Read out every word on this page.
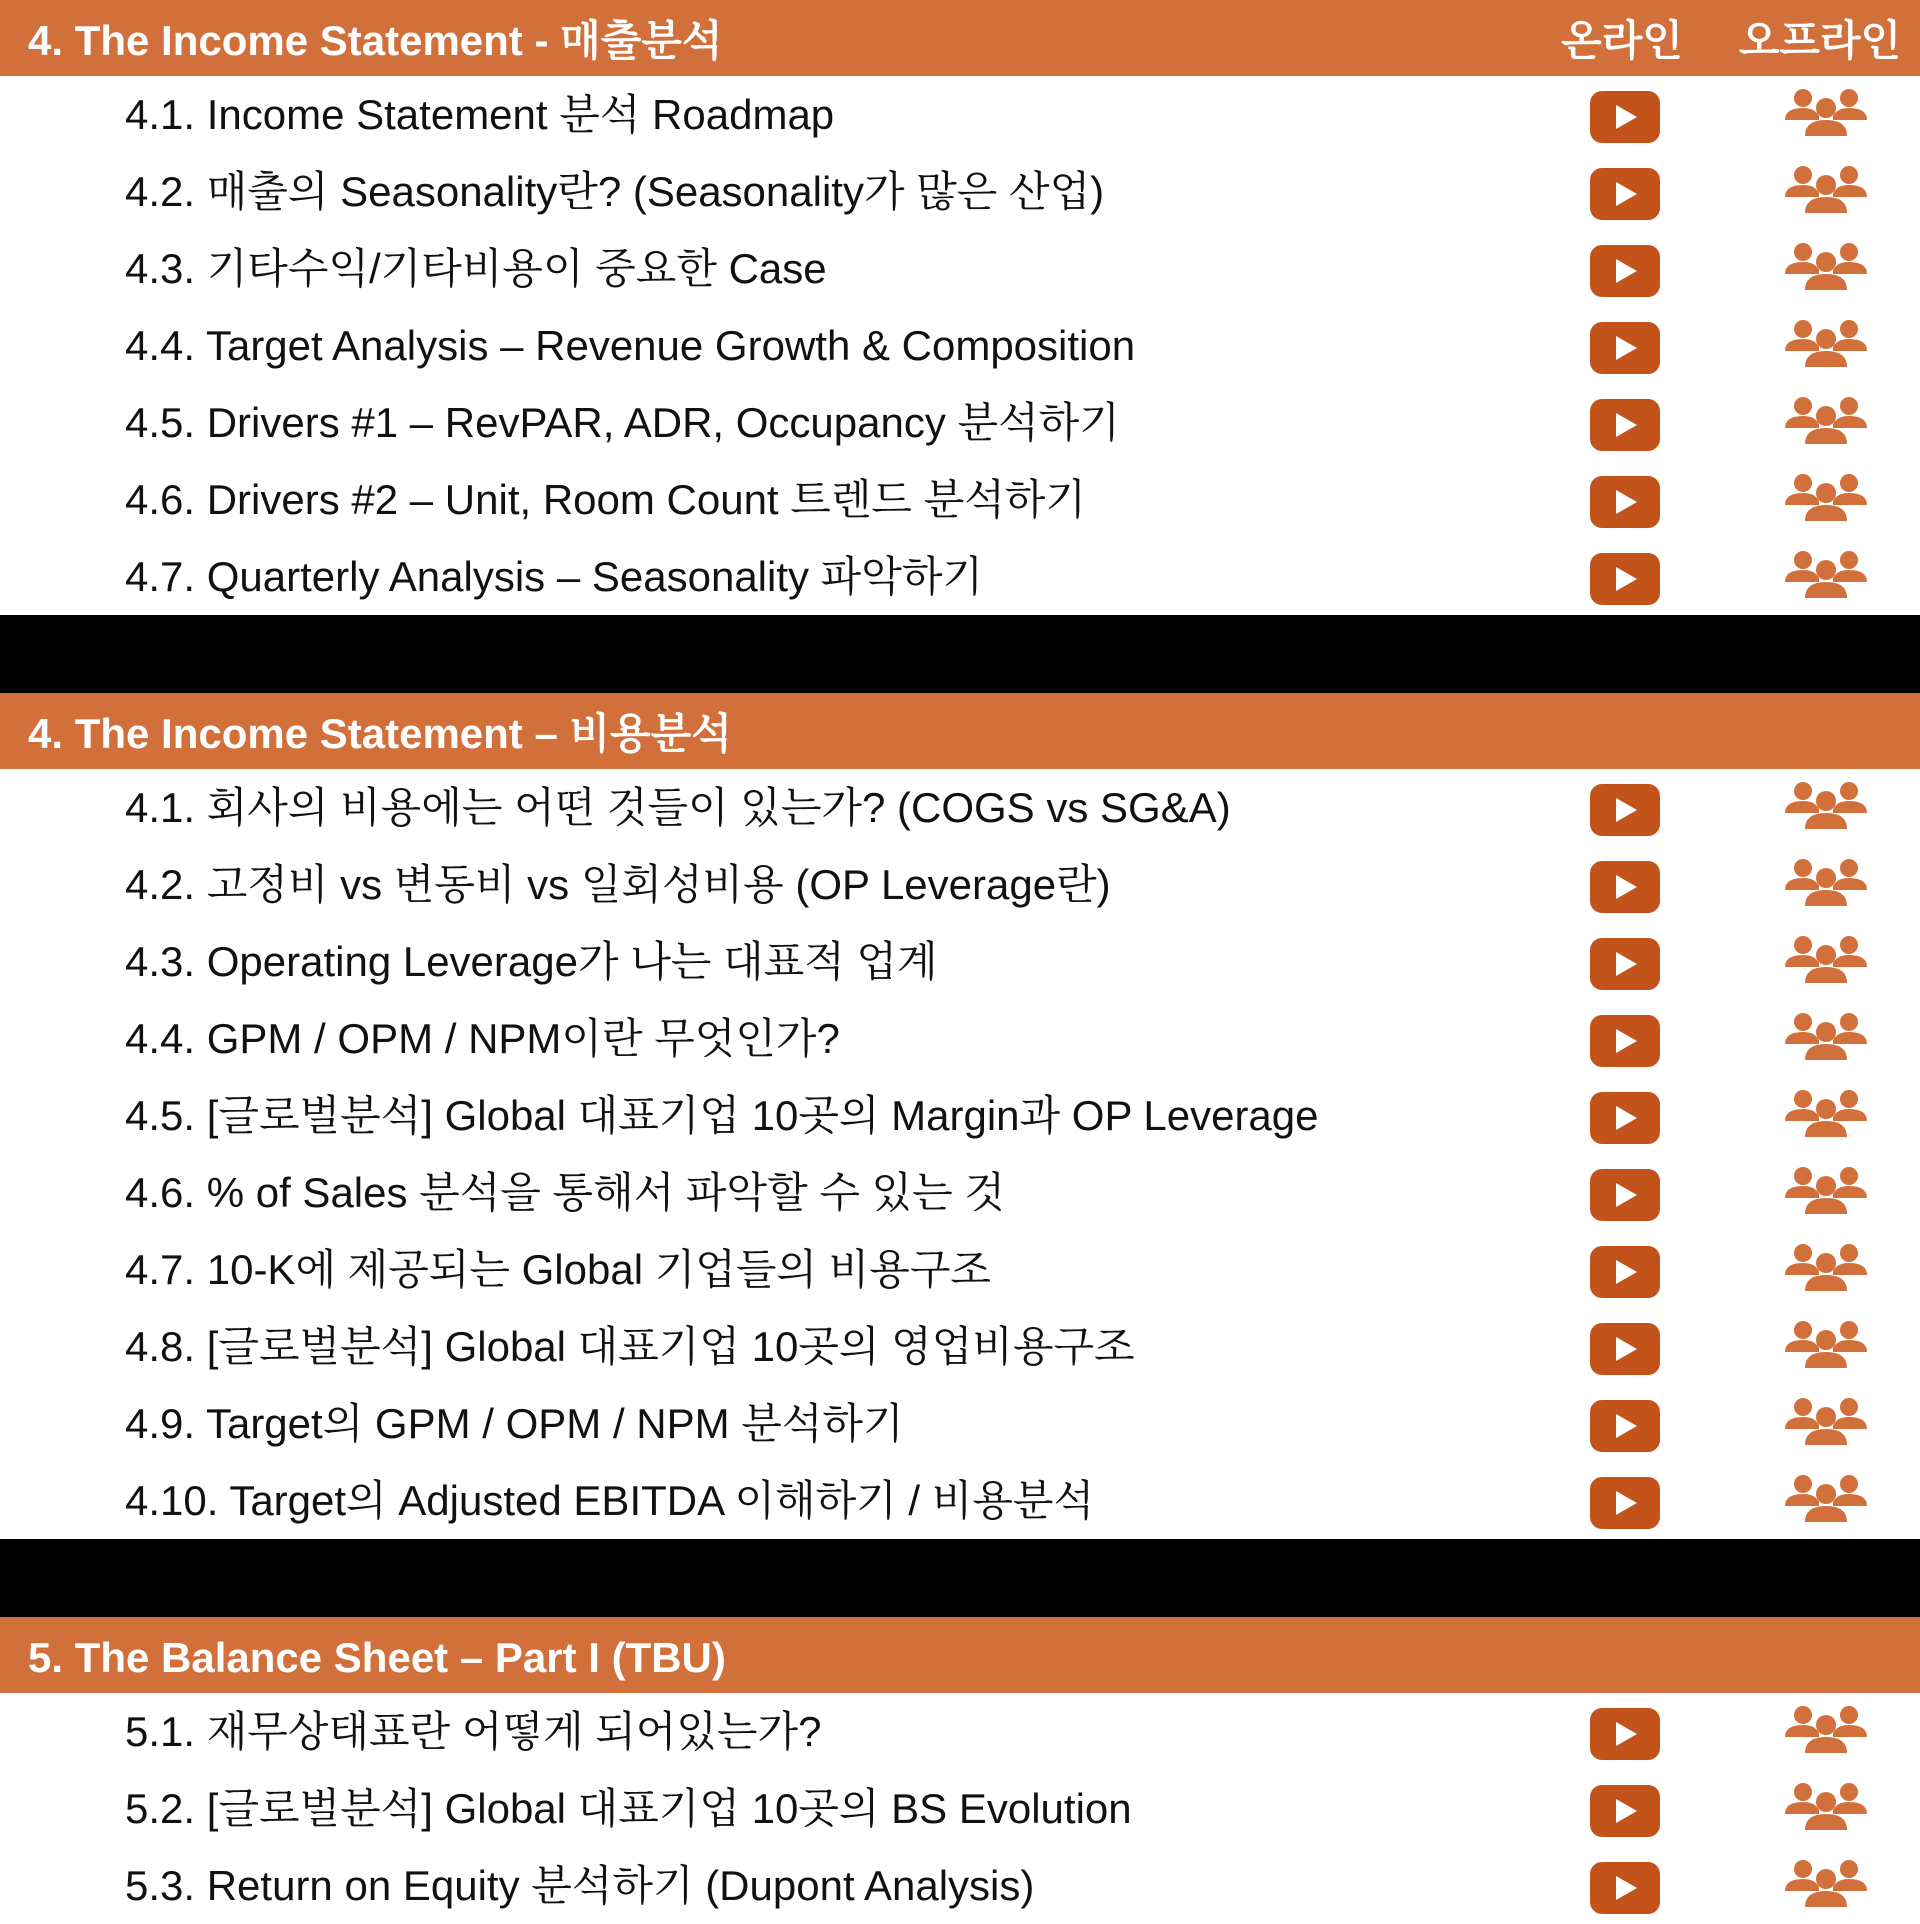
4. The Income Statement - 매출분석	온라인	오프라인
4.1. Income Statement 분석 Roadmap
4.2. 매출의 Seasonality란? (Seasonality가 많은 산업)
4.3. 기타수익/기타비용이 중요한 Case
4.4. Target Analysis – Revenue Growth & Composition
4.5. Drivers #1 – RevPAR, ADR, Occupancy 분석하기
4.6. Drivers #2 – Unit, Room Count 트렌드 분석하기
4.7. Quarterly Analysis – Seasonality 파악하기
4. The Income Statement – 비용분석
4.1. 회사의 비용에는 어떤 것들이 있는가? (COGS vs SG&A)
4.2. 고정비 vs 변동비 vs 일회성비용 (OP Leverage란)
4.3. Operating Leverage가 나는 대표적 업계
4.4. GPM / OPM / NPM이란 무엇인가?
4.5. [글로벌분석] Global 대표기업 10곳의 Margin과 OP Leverage
4.6. % of Sales 분석을 통해서 파악할 수 있는 것
4.7. 10-K에 제공되는 Global 기업들의 비용구조
4.8. [글로벌분석] Global 대표기업 10곳의 영업비용구조
4.9. Target의 GPM / OPM / NPM 분석하기
4.10. Target의 Adjusted EBITDA 이해하기 / 비용분석
5. The Balance Sheet – Part I (TBU)
5.1. 재무상태표란 어떻게 되어있는가?
5.2. [글로벌분석] Global 대표기업 10곳의 BS Evolution
5.3. Return on Equity 분석하기 (Dupont Analysis)
